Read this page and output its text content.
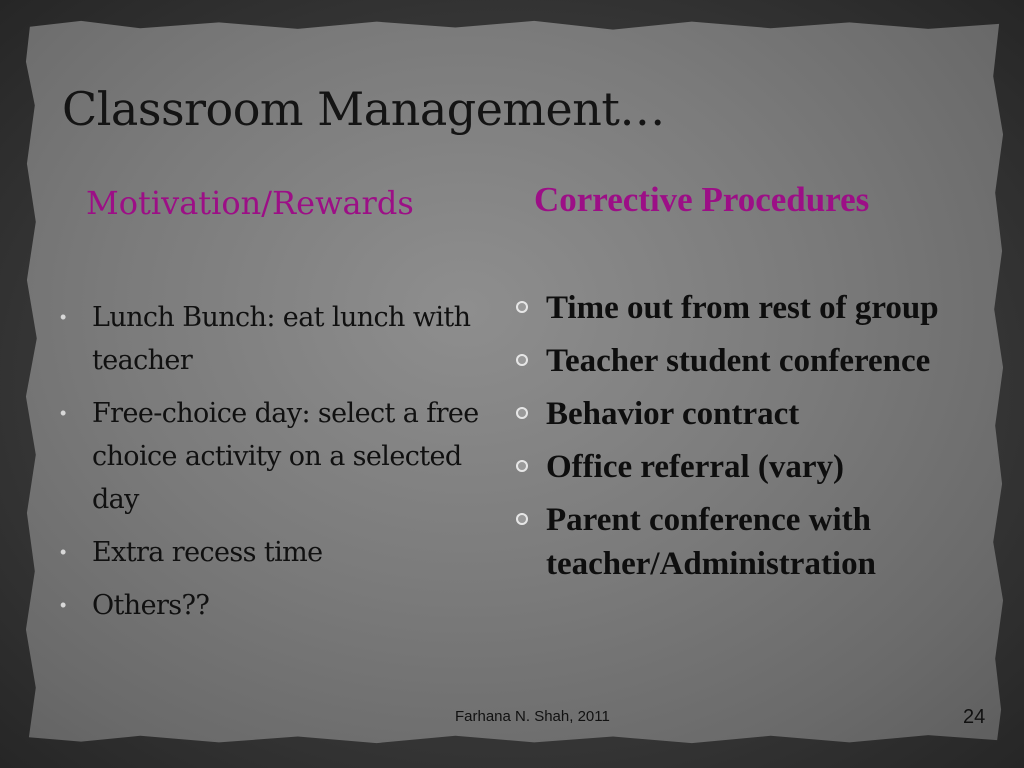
Classroom Management…
Motivation/Rewards	Corrective Procedures
• Lunch Bunch: eat lunch with teacher
• Free-choice day: select a free choice activity on a selected day
• Extra recess time
• Others??
Time out from rest of group
Teacher student conference
Behavior contract
Office referral (vary)
Parent conference with teacher/Administration
Farhana N. Shah, 2011	24
